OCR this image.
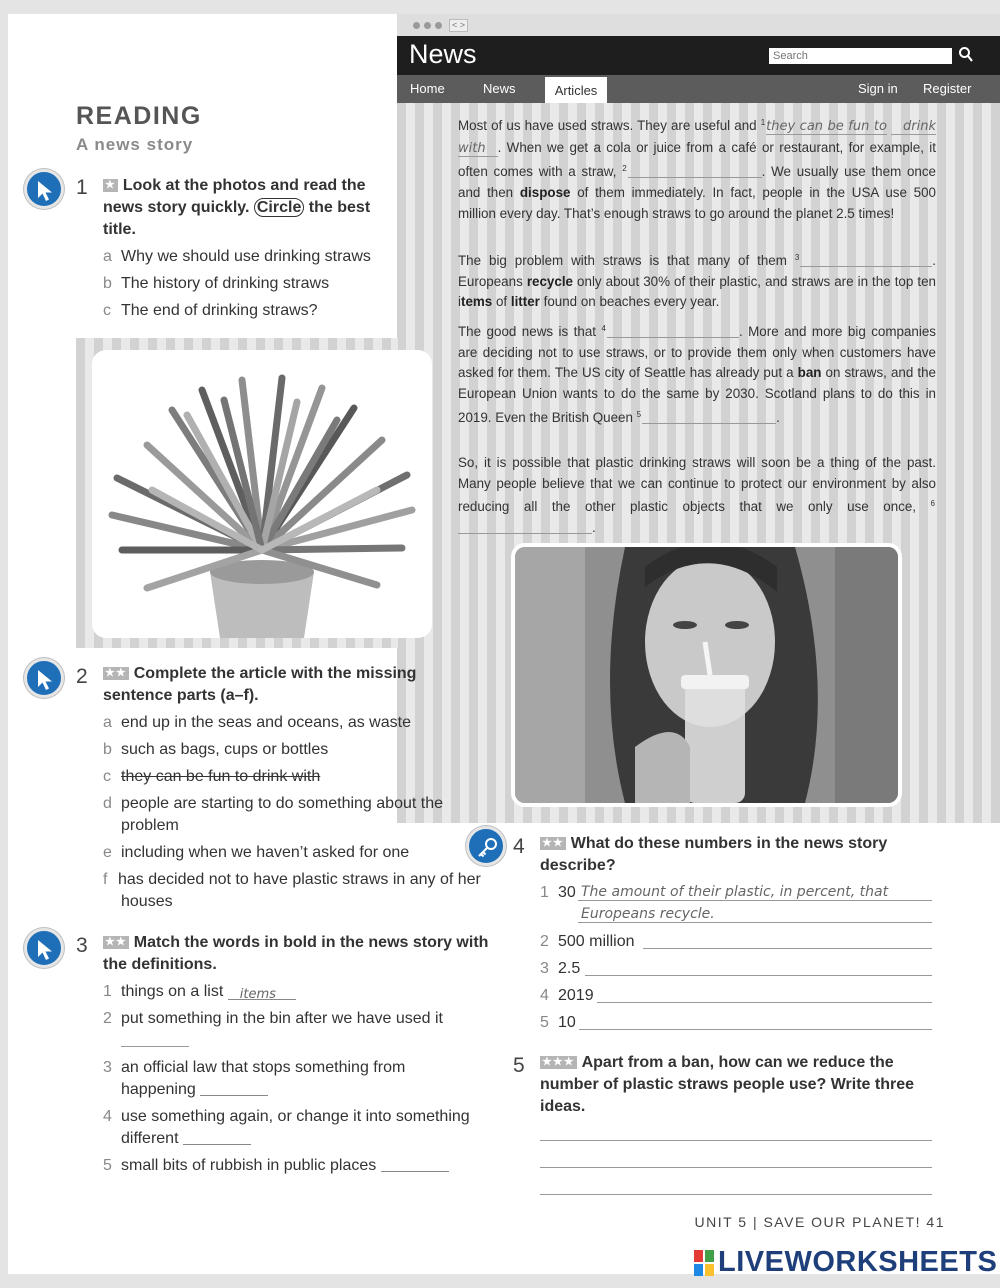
< >
News
Search
Home	News	Articles	Sign in Register
READING
A news story
1 ★ Look at the photos and read the
news story quickly. Circle the best
title.
a Why we should use drinking straws
b The history of drinking straws
c The end of drinking straws?
2 ★★ Complete the article with the missing
sentence parts (a–f).
a end up in the seas and oceans, as waste
b such as bags, cups or bottles
c they can be fun to drink with
d people are starting to do something about the
problem
e including when we haven’t asked for one
f has decided not to have plastic straws in any of her
houses
3 ★★ Match the words in bold in the news story with
the definitions.
1 things on a list items
2 put something in the bin after we have used it
3 an official law that stops something from
happening
4 use something again, or change it into something
different
5 small bits of rubbish in public places
Most of us have used straws. They are useful and $^1$they can be fun to drink with . When we get a cola or juice from a café or restaurant, for example, it often comes with a straw, $^2$	. We usually use them once and then dispose of them immediately. In fact, people in the USA use 500 million every day. That’s enough straws to go around the planet 2.5 times!
The big problem with straws is that many of them $^3$	. Europeans recycle only about 30% of their plastic, and straws are in the top ten items of litter found on beaches every year.
The good news is that $^4$	. More and more big companies are deciding not to use straws, or to provide them only when customers have asked for them. The US city of Seattle has already put a ban on straws, and the European Union wants to do the same by 2030. Scotland plans to do this in 2019. Even the British Queen $^5$	.
So, it is possible that plastic drinking straws will soon be a thing of the past. Many people believe that we can continue to protect our environment by also reducing all the other plastic objects that we only use once, $^6$.
4 ★★ What do these numbers in the news story
describe?
1 30 The amount of their plastic, in percent, that
Europeans recycle.
2 500 million
3 2.5
4 2019
5 10
5 ★★★ Apart from a ban, how can we reduce the
number of plastic straws people use? Write three
ideas.
UNIT 5 | SAVE OUR PLANET! 41
LIVEWORKSHEETS
